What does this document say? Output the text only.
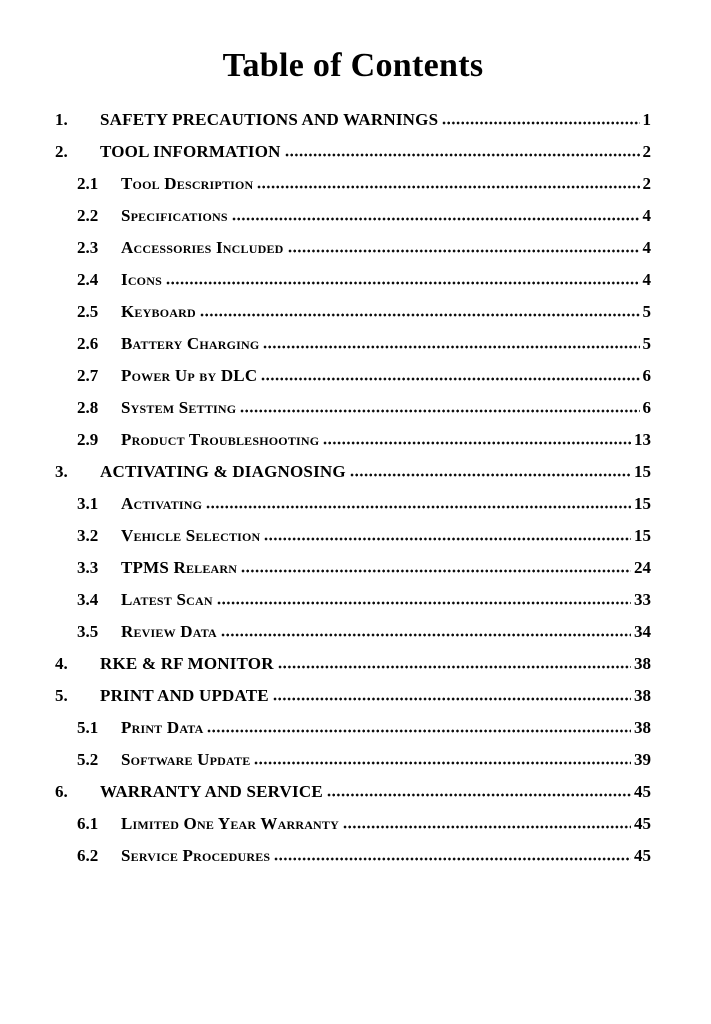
Table of Contents
1.	SAFETY PRECAUTIONS AND WARNINGS	1
2.	TOOL INFORMATION	2
2.1	Tool Description	2
2.2	Specifications	4
2.3	Accessories Included	4
2.4	Icons	4
2.5	Keyboard	5
2.6	Battery Charging	5
2.7	Power Up by DLC	6
2.8	System Setting	6
2.9	Product Troubleshooting	13
3.	ACTIVATING & DIAGNOSING	15
3.1	Activating	15
3.2	Vehicle Selection	15
3.3	TPMS Relearn	24
3.4	Latest Scan	33
3.5	Review Data	34
4.	RKE & RF MONITOR	38
5.	PRINT AND UPDATE	38
5.1	Print Data	38
5.2	Software Update	39
6.	WARRANTY AND SERVICE	45
6.1	Limited One Year Warranty	45
6.2	Service Procedures	45
